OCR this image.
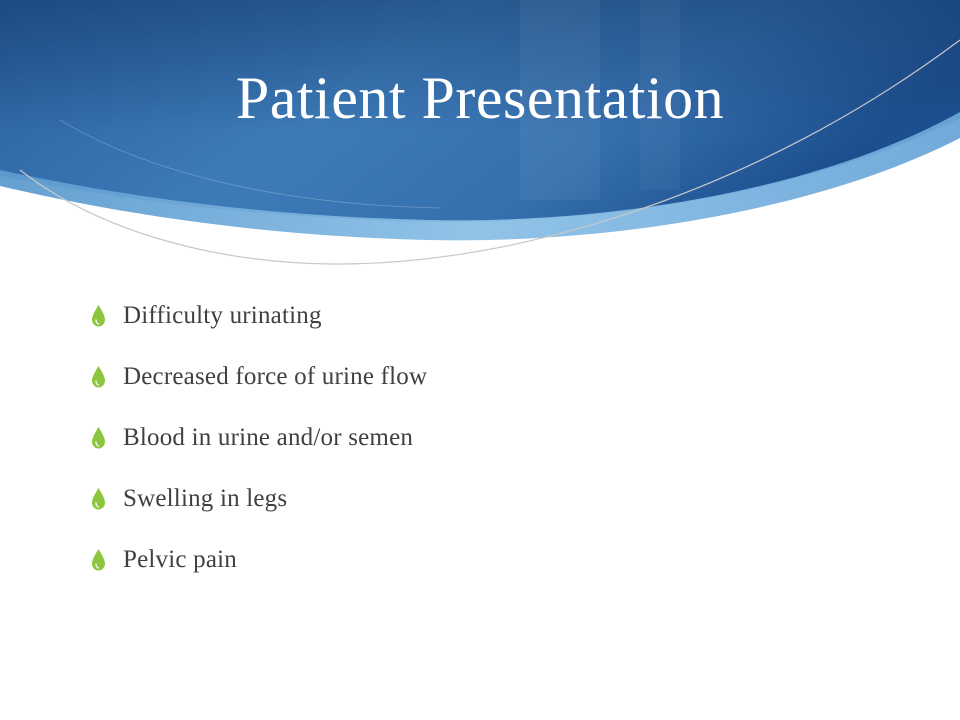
Patient Presentation
Difficulty urinating
Decreased force of urine flow
Blood in urine and/or semen
Swelling in legs
Pelvic pain
